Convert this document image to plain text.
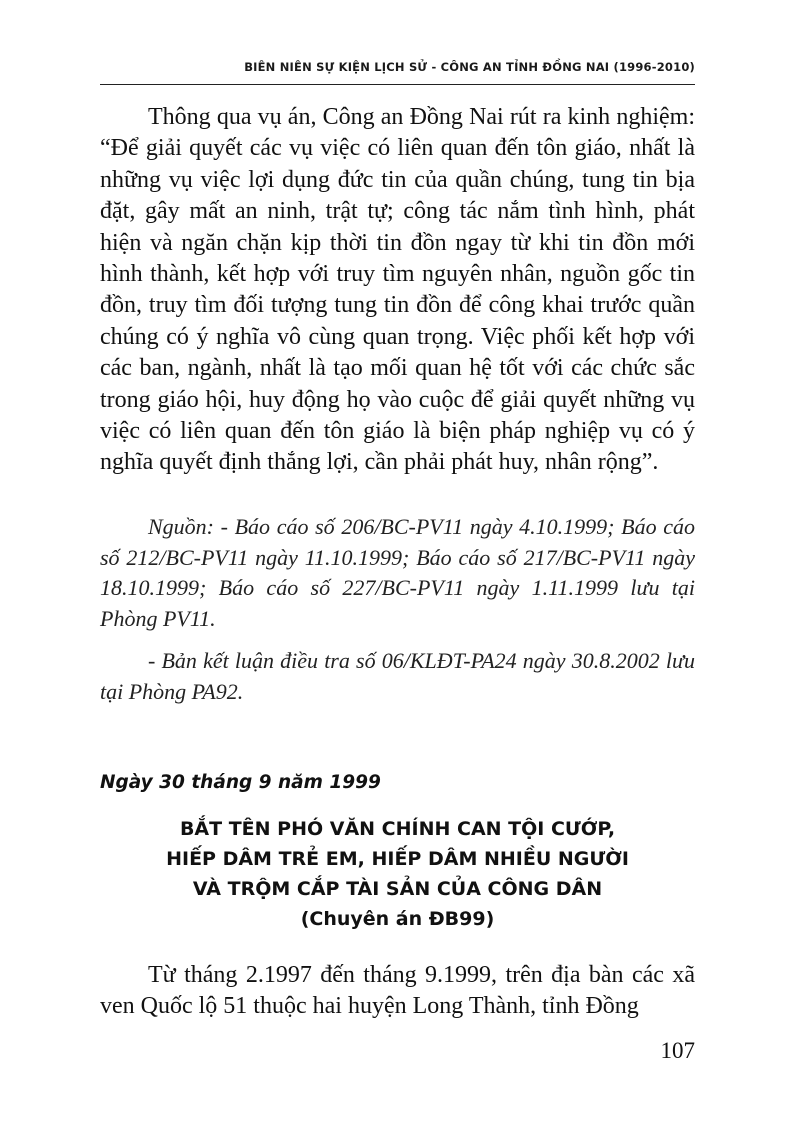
BIÊN NIÊN SỰ KIỆN LỊCH SỬ - CÔNG AN TỈNH ĐỒNG NAI (1996-2010)

Thông qua vụ án, Công an Đồng Nai rút ra kinh nghiệm: “Để giải quyết các vụ việc có liên quan đến tôn giáo, nhất là những vụ việc lợi dụng đức tin của quần chúng, tung tin bịa đặt, gây mất an ninh, trật tự; công tác nắm tình hình, phát hiện và ngăn chặn kịp thời tin đồn ngay từ khi tin đồn mới hình thành, kết hợp với truy tìm nguyên nhân, nguồn gốc tin đồn, truy tìm đối tượng tung tin đồn để công khai trước quần chúng có ý nghĩa vô cùng quan trọng. Việc phối kết hợp với các ban, ngành, nhất là tạo mối quan hệ tốt với các chức sắc trong giáo hội, huy động họ vào cuộc để giải quyết những vụ việc có liên quan đến tôn giáo là biện pháp nghiệp vụ có ý nghĩa quyết định thắng lợi, cần phải phát huy, nhân rộng”.

Nguồn: - Báo cáo số 206/BC-PV11 ngày 4.10.1999; Báo cáo số 212/BC-PV11 ngày 11.10.1999; Báo cáo số 217/BC-PV11 ngày 18.10.1999; Báo cáo số 227/BC-PV11 ngày 1.11.1999 lưu tại Phòng PV11.

- Bản kết luận điều tra số 06/KLĐT-PA24 ngày 30.8.2002 lưu tại Phòng PA92.

Ngày 30 tháng 9 năm 1999
BẮT TÊN PHÓ VĂN CHÍNH CAN TỘI CƯỚP,
HIẾP DÂM TRẺ EM, HIẾP DÂM NHIỀU NGƯỜI
VÀ TRỘM CẮP TÀI SẢN CỦA CÔNG DÂN
(Chuyên án ĐB99)

Từ tháng 2.1997 đến tháng 9.1999, trên địa bàn các xã ven Quốc lộ 51 thuộc hai huyện Long Thành, tỉnh Đồng

107
